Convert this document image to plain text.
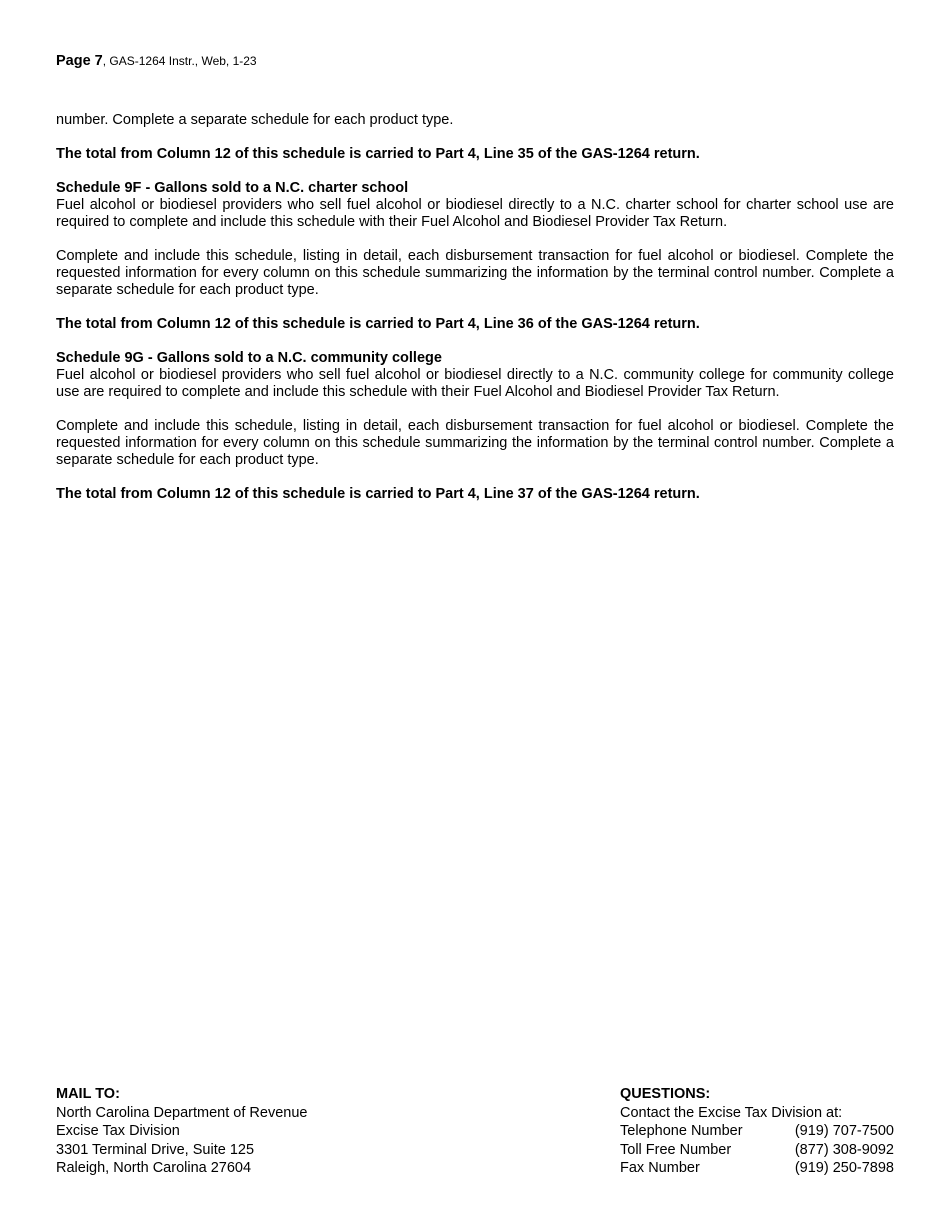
Page 7, GAS-1264 Instr., Web, 1-23

number. Complete a separate schedule for each product type.

The total from Column 12 of this schedule is carried to Part 4, Line 35 of the GAS-1264 return.

Schedule 9F - Gallons sold to a N.C. charter school

Fuel alcohol or biodiesel providers who sell fuel alcohol or biodiesel directly to a N.C. charter school for charter school use are required to complete and include this schedule with their Fuel Alcohol and Biodiesel Provider Tax Return.

Complete and include this schedule, listing in detail, each disbursement transaction for fuel alcohol or biodiesel. Complete the requested information for every column on this schedule summarizing the information by the terminal control number. Complete a separate schedule for each product type.

The total from Column 12 of this schedule is carried to Part 4, Line 36 of the GAS-1264 return.

Schedule 9G - Gallons sold to a N.C. community college

Fuel alcohol or biodiesel providers who sell fuel alcohol or biodiesel directly to a N.C. community college for community college use are required to complete and include this schedule with their Fuel Alcohol and Biodiesel Provider Tax Return.

Complete and include this schedule, listing in detail, each disbursement transaction for fuel alcohol or biodiesel. Complete the requested information for every column on this schedule summarizing the information by the terminal control number. Complete a separate schedule for each product type.

The total from Column 12 of this schedule is carried to Part 4, Line 37 of the GAS-1264 return.

MAIL TO:
North Carolina Department of Revenue
Excise Tax Division
3301 Terminal Drive, Suite 125
Raleigh, North Carolina 27604
QUESTIONS:
Contact the Excise Tax Division at:
Telephone Number	(919) 707-7500
Toll Free Number	(877) 308-9092
Fax Number	(919) 250-7898
